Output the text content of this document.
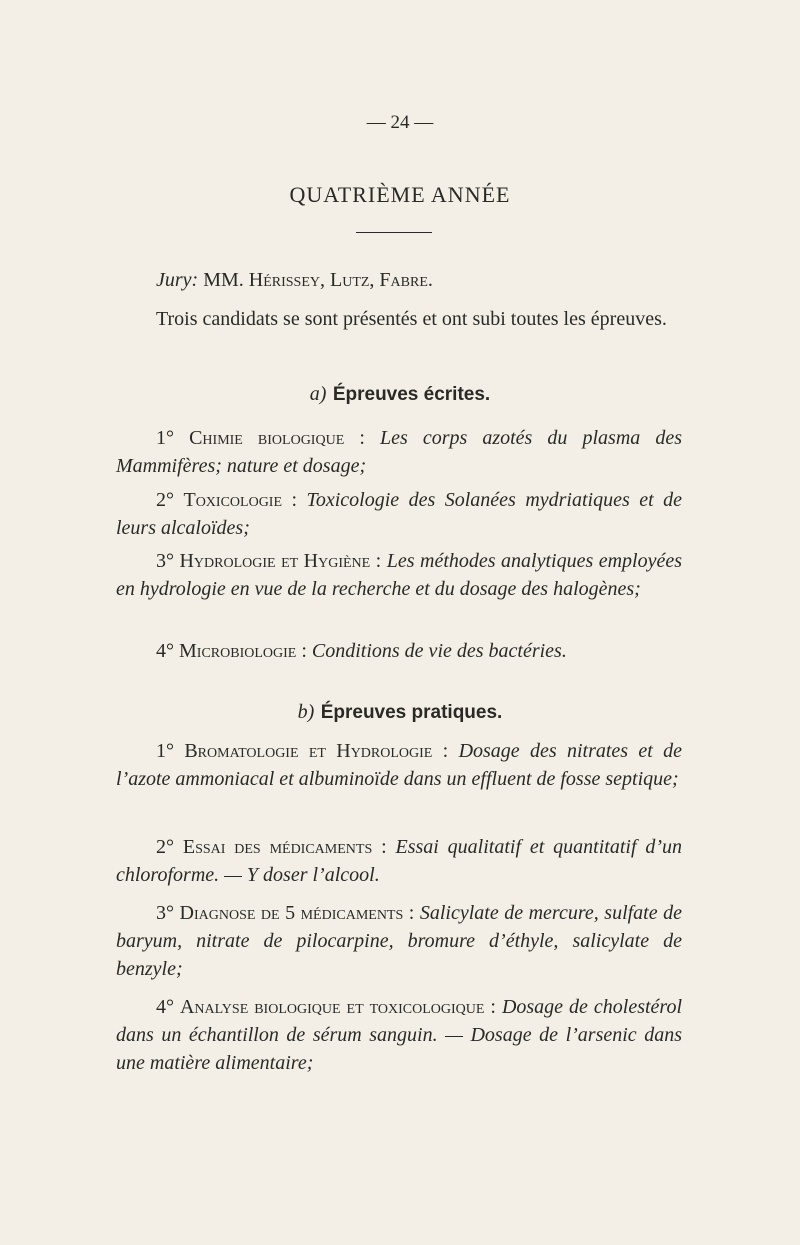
— 24 —
QUATRIÈME ANNÉE
Jury: MM. Hérissey, Lutz, Fabre.
Trois candidats se sont présentés et ont subi toutes les épreuves.
a) Épreuves écrites.
1° Chimie biologique : Les corps azotés du plasma des Mammifères; nature et dosage;
2° Toxicologie : Toxicologie des Solanées mydriatiques et de leurs alcaloïdes;
3° Hydrologie et Hygiène : Les méthodes analytiques employées en hydrologie en vue de la recherche et du dosage des halogènes;
4° Microbiologie : Conditions de vie des bactéries.
b) Épreuves pratiques.
1° Bromatologie et Hydrologie : Dosage des nitrates et de l’azote ammoniacal et albuminoïde dans un effluent de fosse septique;
2° Essai des médicaments : Essai qualitatif et quantitatif d’un chloroforme. — Y doser l’alcool.
3° Diagnose de 5 médicaments : Salicylate de mercure, sulfate de baryum, nitrate de pilocarpine, bromure d’éthyle, salicylate de benzyle;
4° Analyse biologique et toxicologique : Dosage de cholestérol dans un échantillon de sérum sanguin. — Dosage de l’arsenic dans une matière alimentaire;
